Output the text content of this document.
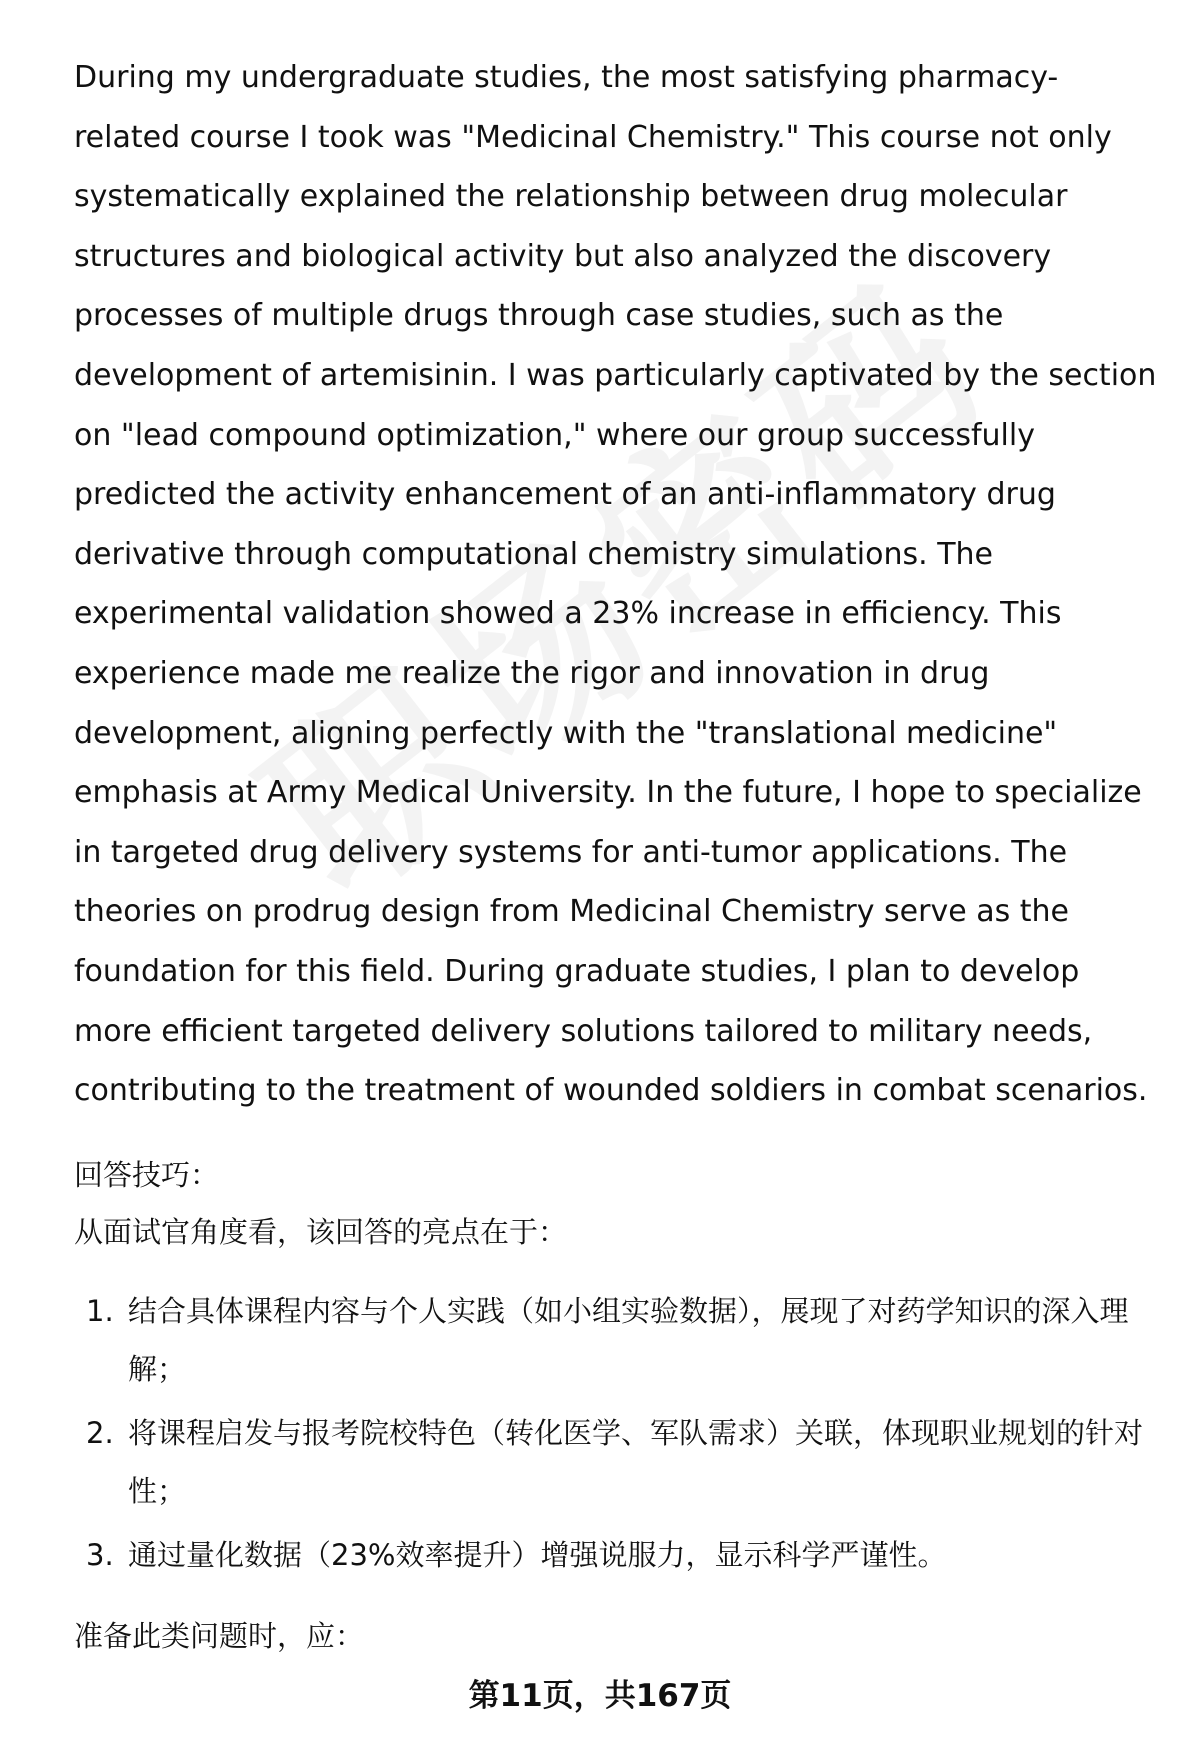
During my undergraduate studies, the most satisfying pharmacy-related course I took was "Medicinal Chemistry." This course not only systematically explained the relationship between drug molecular structures and biological activity but also analyzed the discovery processes of multiple drugs through case studies, such as the development of artemisinin. I was particularly captivated by the section on "lead compound optimization," where our group successfully predicted the activity enhancement of an anti-inflammatory drug derivative through computational chemistry simulations. The experimental validation showed a 23% increase in efficiency. This experience made me realize the rigor and innovation in drug development, aligning perfectly with the "translational medicine" emphasis at Army Medical University. In the future, I hope to specialize in targeted drug delivery systems for anti-tumor applications. The theories on prodrug design from Medicinal Chemistry serve as the foundation for this field. During graduate studies, I plan to develop more efficient targeted delivery solutions tailored to military needs, contributing to the treatment of wounded soldiers in combat scenarios.

回答技巧：

从面试官角度看，该回答的亮点在于：

1. 结合具体课程内容与个人实践（如小组实验数据），展现了对药学知识的深入理解；
2. 将课程启发与报考院校特色（转化医学、军队需求）关联，体现职业规划的针对性；
3. 通过量化数据（23%效率提升）增强说服力，显示科学严谨性。

准备此类问题时，应：

第11页，共167页
